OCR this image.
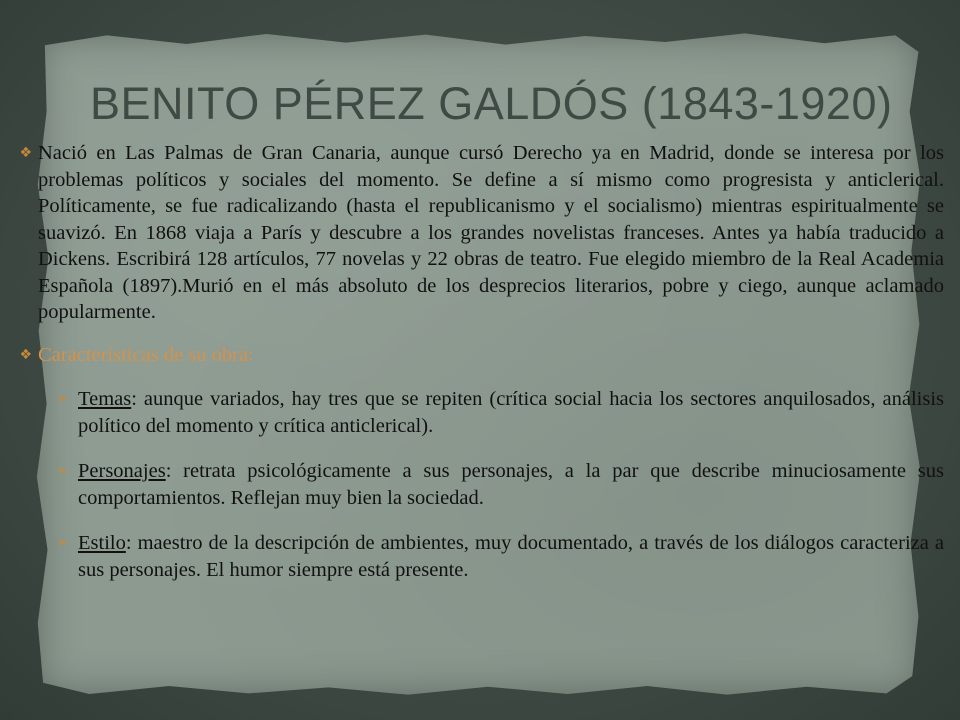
BENITO PÉREZ GALDÓS (1843-1920)
❖ Nació en Las Palmas de Gran Canaria, aunque cursó Derecho ya en Madrid, donde se interesa por los problemas políticos y sociales del momento. Se define a sí mismo como progresista y anticlerical. Políticamente, se fue radicalizando (hasta el republicanismo y el socialismo) mientras espiritualmente se suavizó. En 1868 viaja a París y descubre a los grandes novelistas franceses. Antes ya había traducido a Dickens. Escribirá 128 artículos, 77 novelas y 22 obras de teatro. Fue elegido miembro de la Real Academia Española (1897).Murió en el más absoluto de los desprecios literarios, pobre y ciego, aunque aclamado popularmente.

❖ Características de su obra:

➢ Temas: aunque variados, hay tres que se repiten (crítica social hacia los sectores anquilosados, análisis político del momento y crítica anticlerical).

➢ Personajes: retrata psicológicamente a sus personajes, a la par que describe minuciosamente sus comportamientos. Reflejan muy bien la sociedad.

➢ Estilo: maestro de la descripción de ambientes, muy documentado, a través de los diálogos caracteriza a sus personajes. El humor siempre está presente.
